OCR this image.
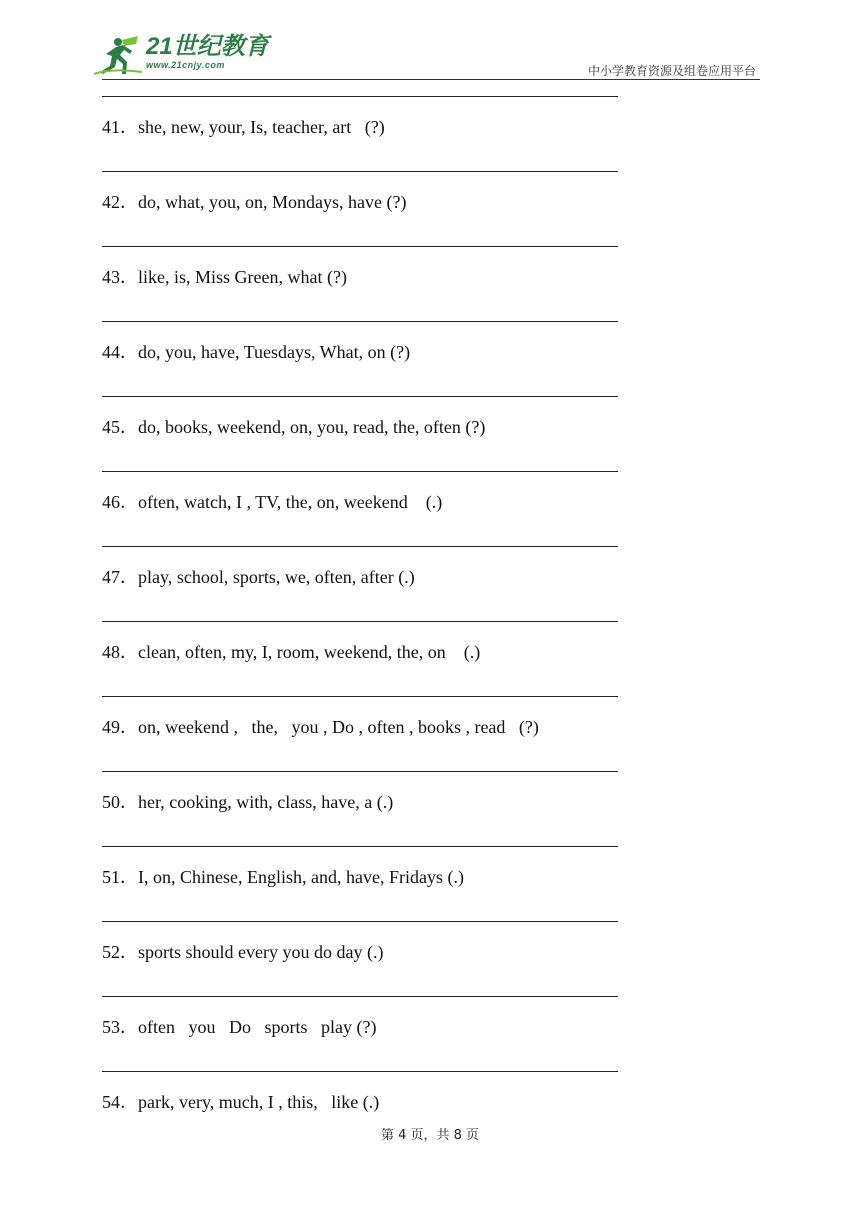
21世纪教育
www.21cnjy.com	中小学教育资源及组卷应用平台
41．she, new, your, Is, teacher, art   (?)
42．do, what, you, on, Mondays, have (?)
43．like, is, Miss Green, what (?)
44．do, you, have, Tuesdays, What, on (?)
45．do, books, weekend, on, you, read, the, often (?)
46．often, watch, I , TV, the, on, weekend    (.)
47．play, school, sports, we, often, after (.)
48．clean, often, my, I, room, weekend, the, on    (.)
49．on, weekend ,   the,   you , Do , often , books , read   (?)
50．her, cooking, with, class, have, a (.)
51．I, on, Chinese, English, and, have, Fridays (.)
52．sports should every you do day (.)
53．often   you   Do   sports   play (?)
54．park, very, much, I , this,   like (.)
第 4 页，共 8 页
